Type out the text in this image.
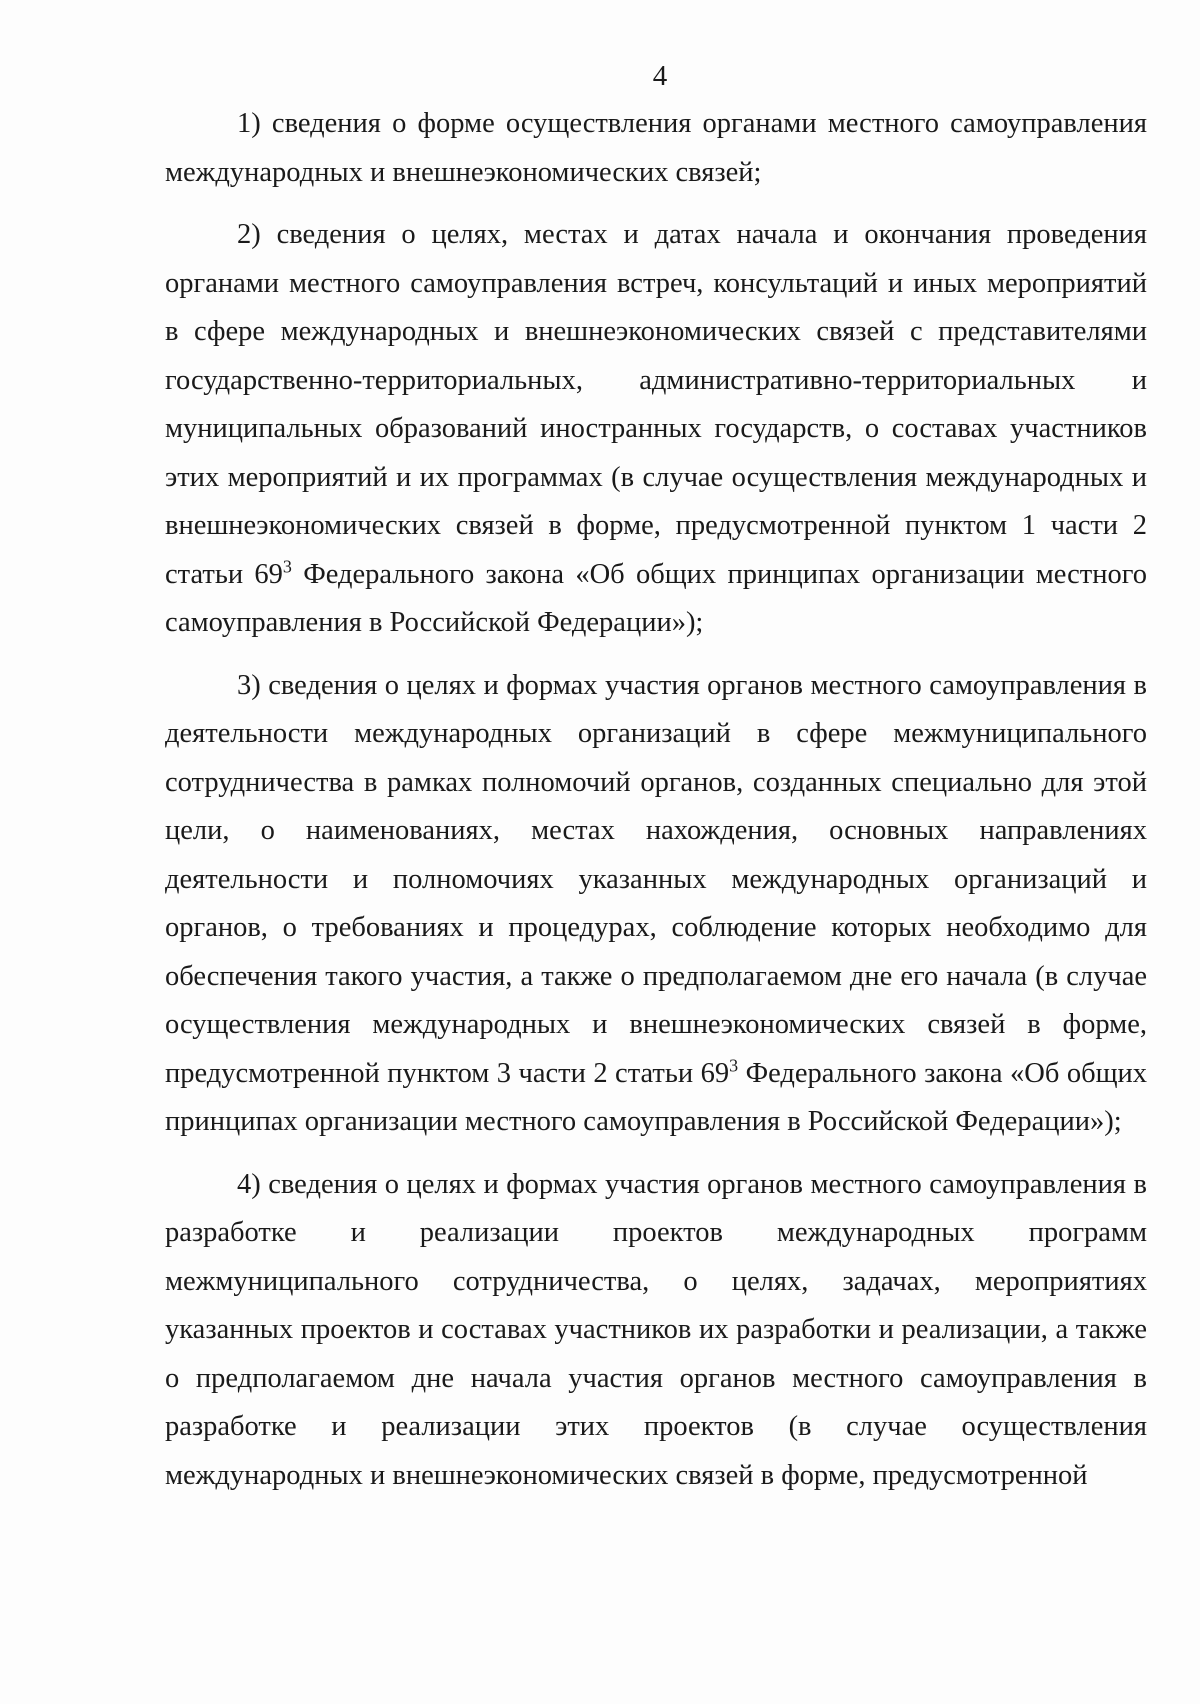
4

1) сведения о форме осуществления органами местного самоуправления международных и внешнеэкономических связей;

2) сведения о целях, местах и датах начала и окончания проведения органами местного самоуправления встреч, консультаций и иных мероприятий в сфере международных и внешнеэкономических связей с представителями государственно-территориальных, административно-территориальных и муниципальных образований иностранных государств, о составах участников этих мероприятий и их программах (в случае осуществления международных и внешнеэкономических связей в форме, предусмотренной пунктом 1 части 2 статьи $69^3$ Федерального закона «Об общих принципах организации местного самоуправления в Российской Федерации»);

3) сведения о целях и формах участия органов местного самоуправления в деятельности международных организаций в сфере межмуниципального сотрудничества в рамках полномочий органов, созданных специально для этой цели, о наименованиях, местах нахождения, основных направлениях деятельности и полномочиях указанных международных организаций и органов, о требованиях и процедурах, соблюдение которых необходимо для обеспечения такого участия, а также о предполагаемом дне его начала (в случае осуществления международных и внешнеэкономических связей в форме, предусмотренной пунктом 3 части 2 статьи $69^3$ Федерального закона «Об общих принципах организации местного самоуправления в Российской Федерации»);

4) сведения о целях и формах участия органов местного самоуправления в разработке и реализации проектов международных программ межмуниципального сотрудничества, о целях, задачах, мероприятиях указанных проектов и составах участников их разработки и реализации, а также о предполагаемом дне начала участия органов местного самоуправления в разработке и реализации этих проектов (в случае осуществления международных и внешнеэкономических связей в форме, предусмотренной
